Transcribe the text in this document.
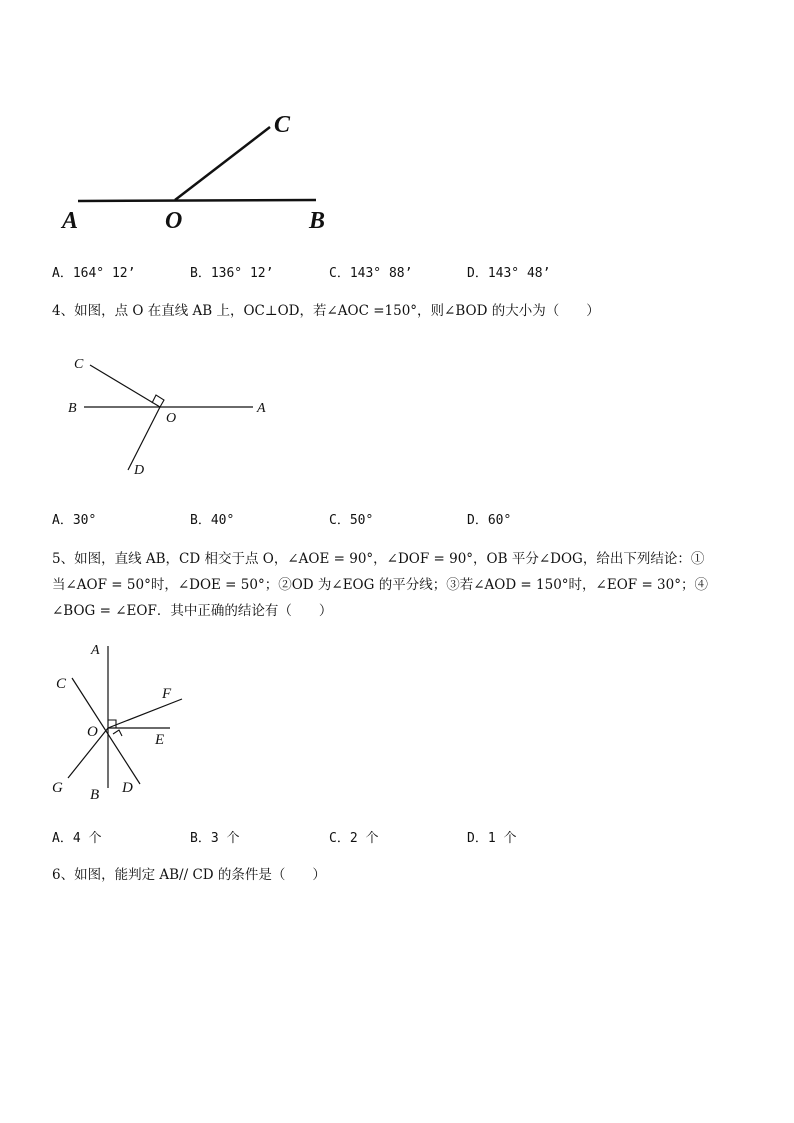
C
A	O	B
A．164° 12’	B．136° 12’	C．143° 88’	D．143° 48’
4、如图，点 O 在直线 AB 上，OC⊥OD，若∠AOC =150°，则∠BOD 的大小为（　　）
C
B
O
A
D
A．30°	B．40°	C．50°	D．60°
5、如图，直线 AB，CD 相交于点 O，∠AOE = 90°，∠DOF = 90°，OB 平分∠DOG，给出下列结论：①
当∠AOF = 50°时，∠DOE = 50°；②OD 为∠EOG 的平分线；③若∠AOD = 150°时，∠EOF = 30°；④
∠BOG = ∠EOF．其中正确的结论有（　　）
A
C
F
O	E
G B D
A．4 个	B．3 个	C．2 个	D．1 个
6、如图，能判定 AB// CD 的条件是（　　）
